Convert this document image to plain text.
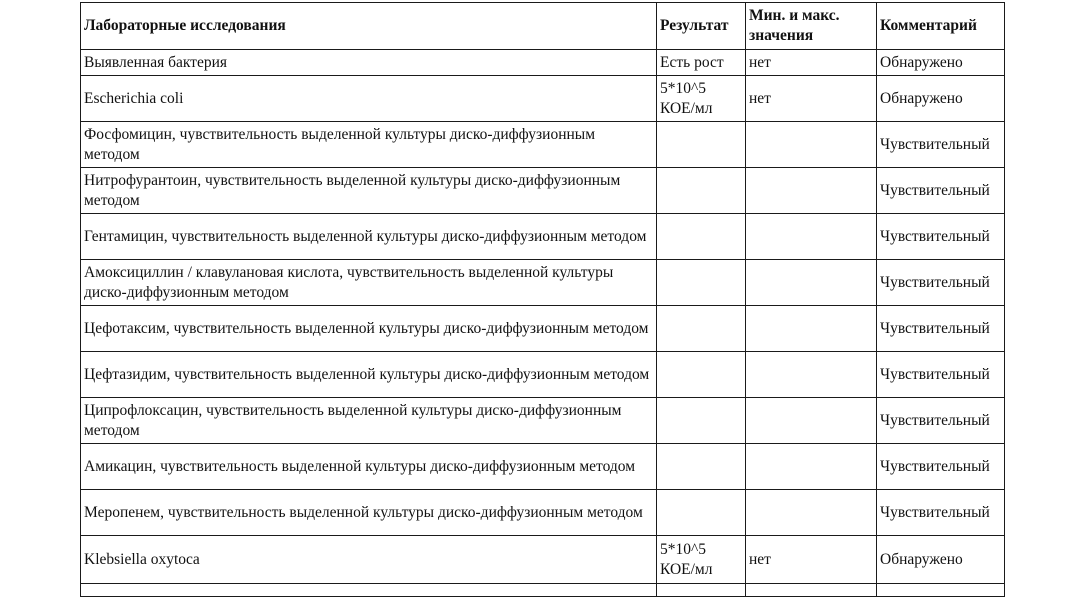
Лабораторные исследования	Результат	Мин. и макс. значения	Комментарий
Выявленная бактерия	Есть рост	нет	Обнаружено
Escherichia coli	5*10^5 КОЕ/мл	нет	Обнаружено
Фосфомицин, чувствительность выделенной культуры диско-диффузионным методом			Чувствительный
Нитрофурантоин, чувствительность выделенной культуры диско-диффузионным методом			Чувствительный
Гентамицин, чувствительность выделенной культуры диско-диффузионным методом			Чувствительный
Амоксициллин / клавулановая кислота, чувствительность выделенной культуры диско-диффузионным методом			Чувствительный
Цефотаксим, чувствительность выделенной культуры диско-диффузионным методом			Чувствительный
Цефтазидим, чувствительность выделенной культуры диско-диффузионным методом			Чувствительный
Ципрофлоксацин, чувствительность выделенной культуры диско-диффузионным методом			Чувствительный
Амикацин, чувствительность выделенной культуры диско-диффузионным методом			Чувствительный
Меропенем, чувствительность выделенной культуры диско-диффузионным методом			Чувствительный
Klebsiella oxytoca	5*10^5 КОЕ/мл	нет	Обнаружено
